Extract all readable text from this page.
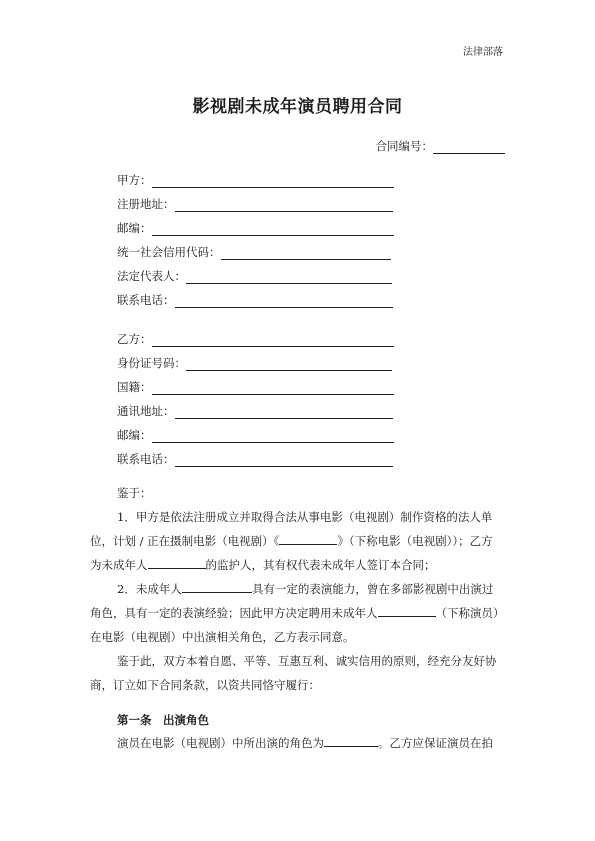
法律部落
影视剧未成年演员聘用合同
合同编号：
甲方：
注册地址：
邮编：
统一社会信用代码：
法定代表人：
联系电话：
乙方：
身份证号码：
国籍：
通讯地址：
邮编：
联系电话：
鉴于：
1．甲方是依法注册成立并取得合法从事电影（电视剧）制作资格的法人单
位，计划 / 正在摄制电影（电视剧）《	》（下称电影（电视剧））；乙方
为未成年人	的监护人，其有权代表未成年人签订本合同；
2．未成年人	具有一定的表演能力，曾在多部影视剧中出演过
角色，具有一定的表演经验；因此甲方决定聘用未成年人	（下称演员）
在电影（电视剧）中出演相关角色，乙方表示同意。
鉴于此，双方本着自愿、平等、互惠互利、诚实信用的原则，经充分友好协
商，订立如下合同条款，以资共同恪守履行：
第一条　出演角色
演员在电影（电视剧）中所出演的角色为	。乙方应保证演员在拍
